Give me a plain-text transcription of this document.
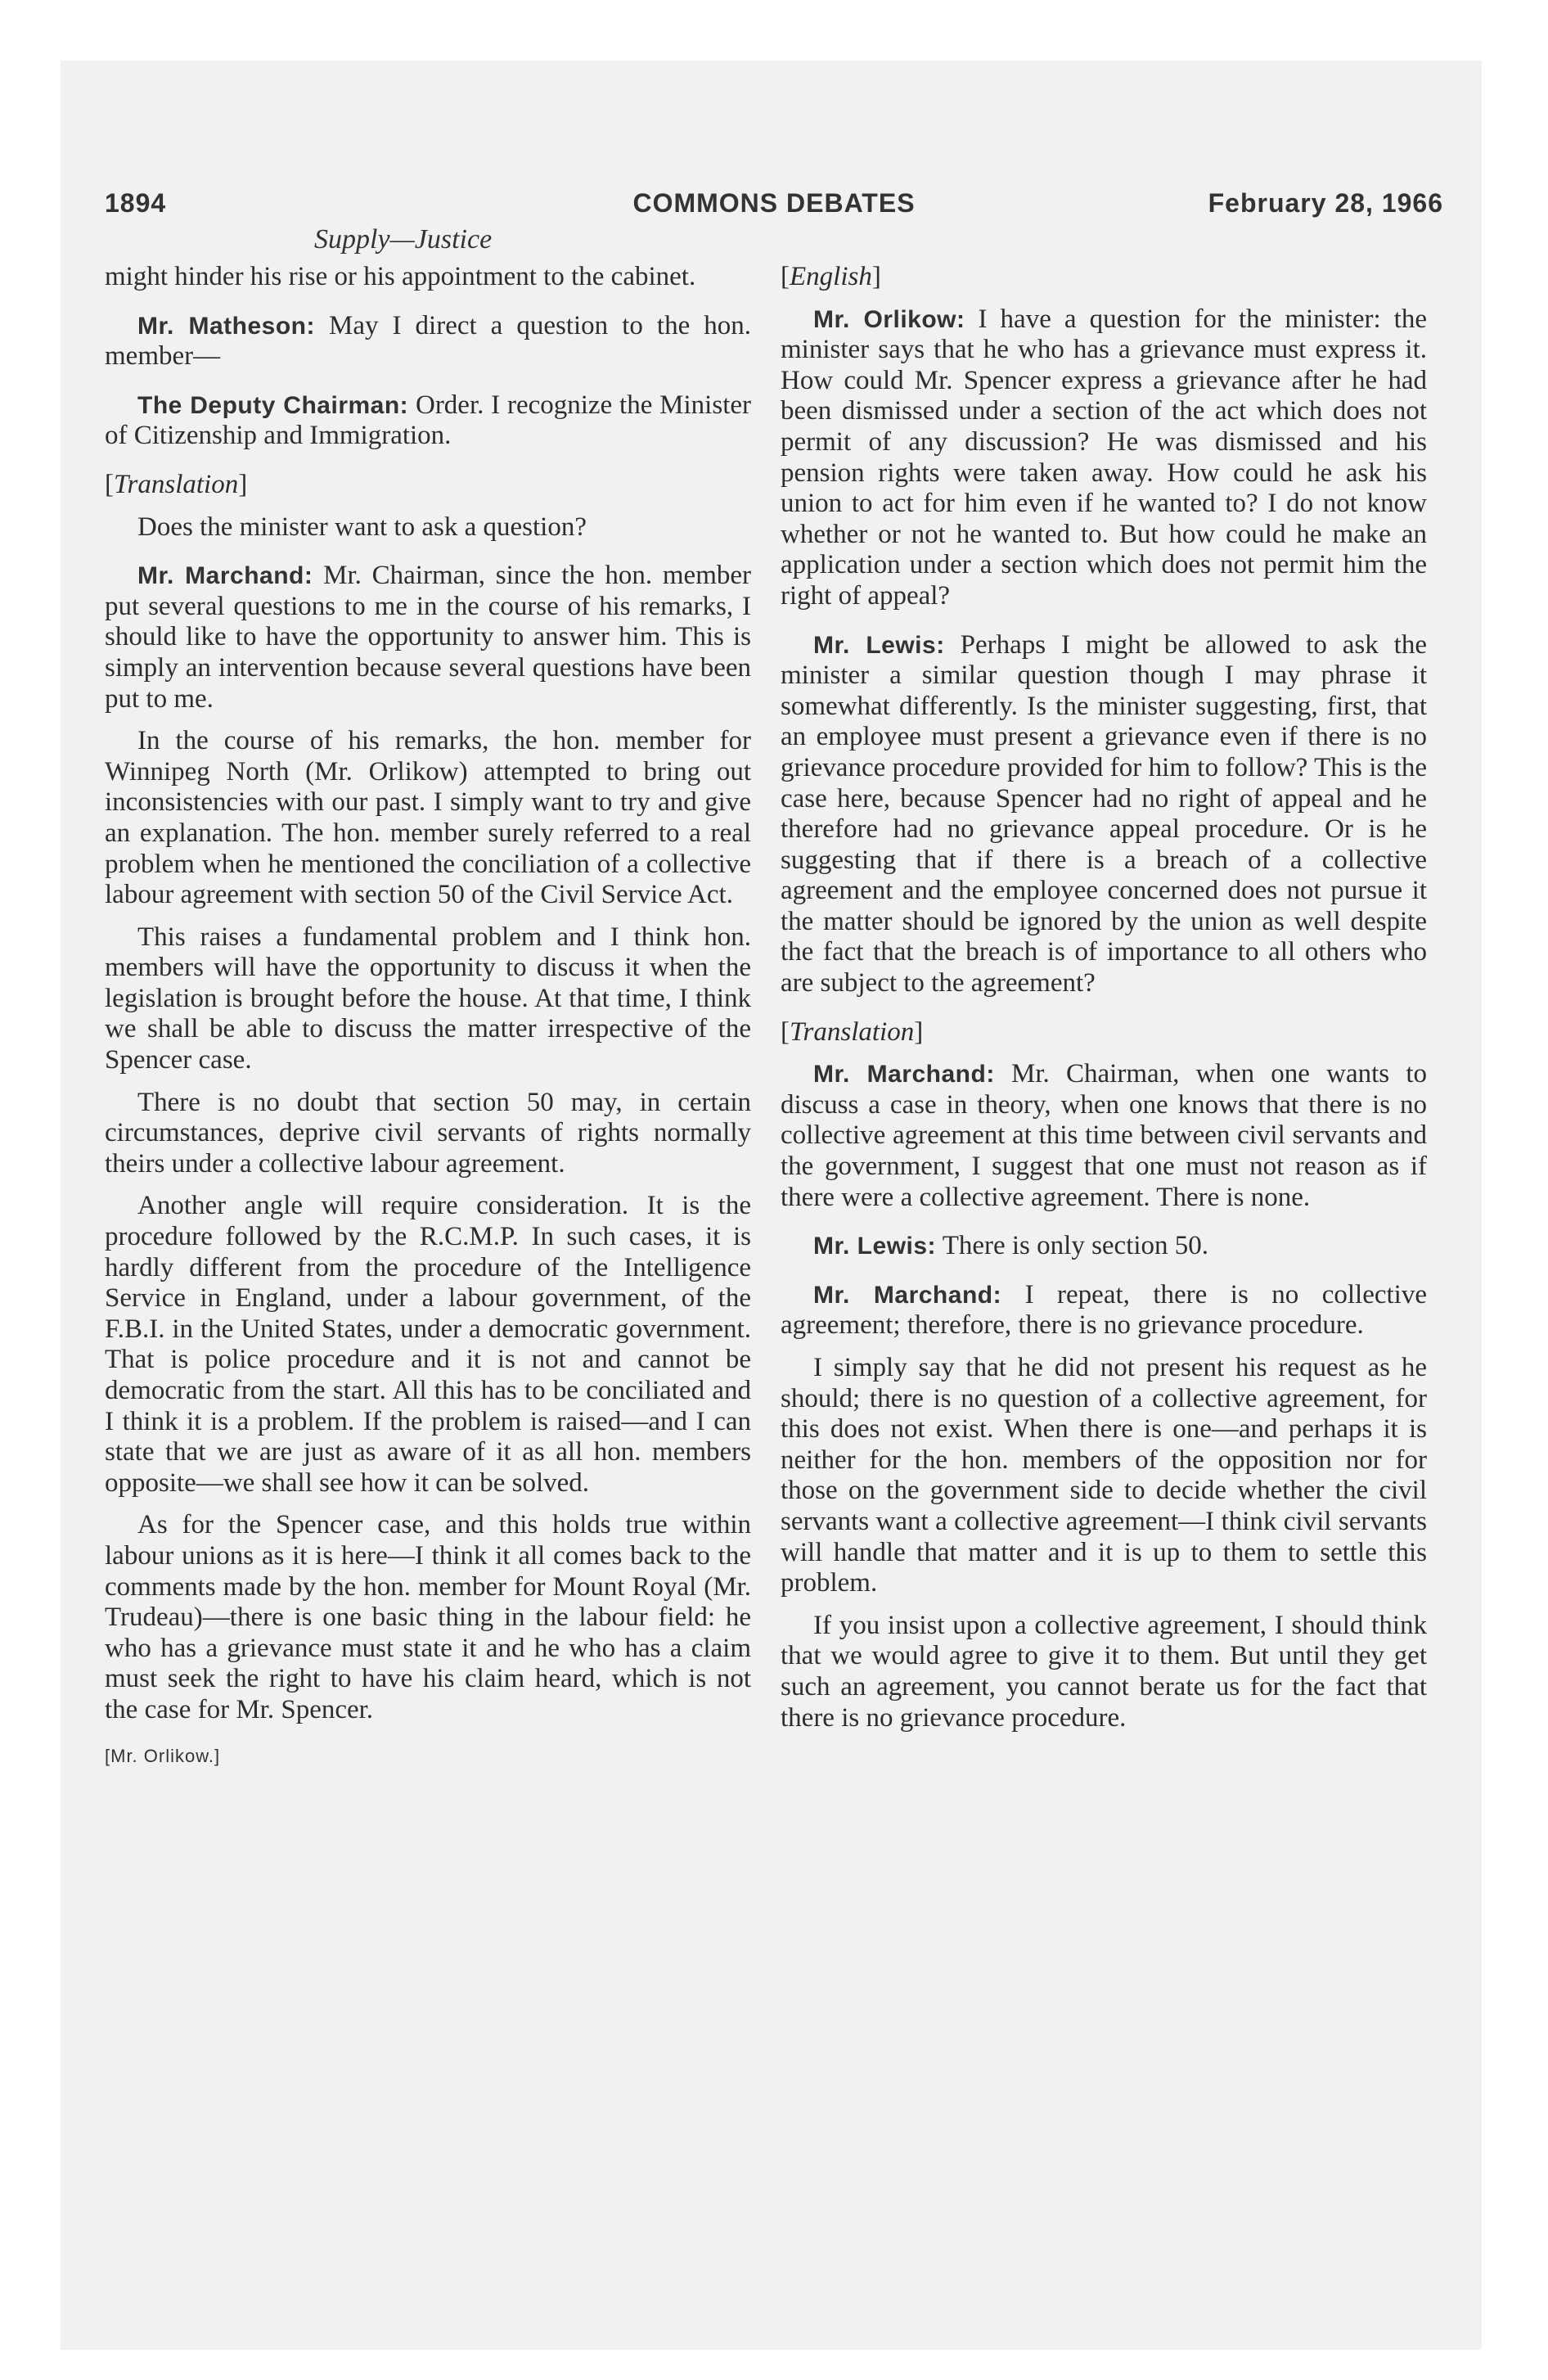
1894	COMMONS DEBATES	February 28, 1966
Supply—Justice

might hinder his rise or his appointment to the cabinet.

Mr. Matheson: May I direct a question to the hon. member—

The Deputy Chairman: Order. I recognize the Minister of Citizenship and Immigration.

[Translation]

Does the minister want to ask a question?

Mr. Marchand: Mr. Chairman, since the hon. member put several questions to me in the course of his remarks, I should like to have the opportunity to answer him. This is simply an intervention because several questions have been put to me.

In the course of his remarks, the hon. member for Winnipeg North (Mr. Orlikow) attempted to bring out inconsistencies with our past. I simply want to try and give an explanation. The hon. member surely referred to a real problem when he mentioned the conciliation of a collective labour agreement with section 50 of the Civil Service Act.

This raises a fundamental problem and I think hon. members will have the opportunity to discuss it when the legislation is brought before the house. At that time, I think we shall be able to discuss the matter irrespective of the Spencer case.

There is no doubt that section 50 may, in certain circumstances, deprive civil servants of rights normally theirs under a collective labour agreement.

Another angle will require consideration. It is the procedure followed by the R.C.M.P. In such cases, it is hardly different from the procedure of the Intelligence Service in England, under a labour government, of the F.B.I. in the United States, under a democratic government. That is police procedure and it is not and cannot be democratic from the start. All this has to be conciliated and I think it is a problem. If the problem is raised—and I can state that we are just as aware of it as all hon. members opposite—we shall see how it can be solved.

As for the Spencer case, and this holds true within labour unions as it is here—I think it all comes back to the comments made by the hon. member for Mount Royal (Mr. Trudeau)—there is one basic thing in the labour field: he who has a grievance must state it and he who has a claim must seek the right to have his claim heard, which is not the case for Mr. Spencer.

[Mr. Orlikow.]

[English]

Mr. Orlikow: I have a question for the minister: the minister says that he who has a grievance must express it. How could Mr. Spencer express a grievance after he had been dismissed under a section of the act which does not permit of any discussion? He was dismissed and his pension rights were taken away. How could he ask his union to act for him even if he wanted to? I do not know whether or not he wanted to. But how could he make an application under a section which does not permit him the right of appeal?

Mr. Lewis: Perhaps I might be allowed to ask the minister a similar question though I may phrase it somewhat differently. Is the minister suggesting, first, that an employee must present a grievance even if there is no grievance procedure provided for him to follow? This is the case here, because Spencer had no right of appeal and he therefore had no grievance appeal procedure. Or is he suggesting that if there is a breach of a collective agreement and the employee concerned does not pursue it the matter should be ignored by the union as well despite the fact that the breach is of importance to all others who are subject to the agreement?

[Translation]

Mr. Marchand: Mr. Chairman, when one wants to discuss a case in theory, when one knows that there is no collective agreement at this time between civil servants and the government, I suggest that one must not reason as if there were a collective agreement. There is none.

Mr. Lewis: There is only section 50.

Mr. Marchand: I repeat, there is no collective agreement; therefore, there is no grievance procedure.

I simply say that he did not present his request as he should; there is no question of a collective agreement, for this does not exist. When there is one—and perhaps it is neither for the hon. members of the opposition nor for those on the government side to decide whether the civil servants want a collective agreement—I think civil servants will handle that matter and it is up to them to settle this problem.

If you insist upon a collective agreement, I should think that we would agree to give it to them. But until they get such an agreement, you cannot berate us for the fact that there is no grievance procedure.
